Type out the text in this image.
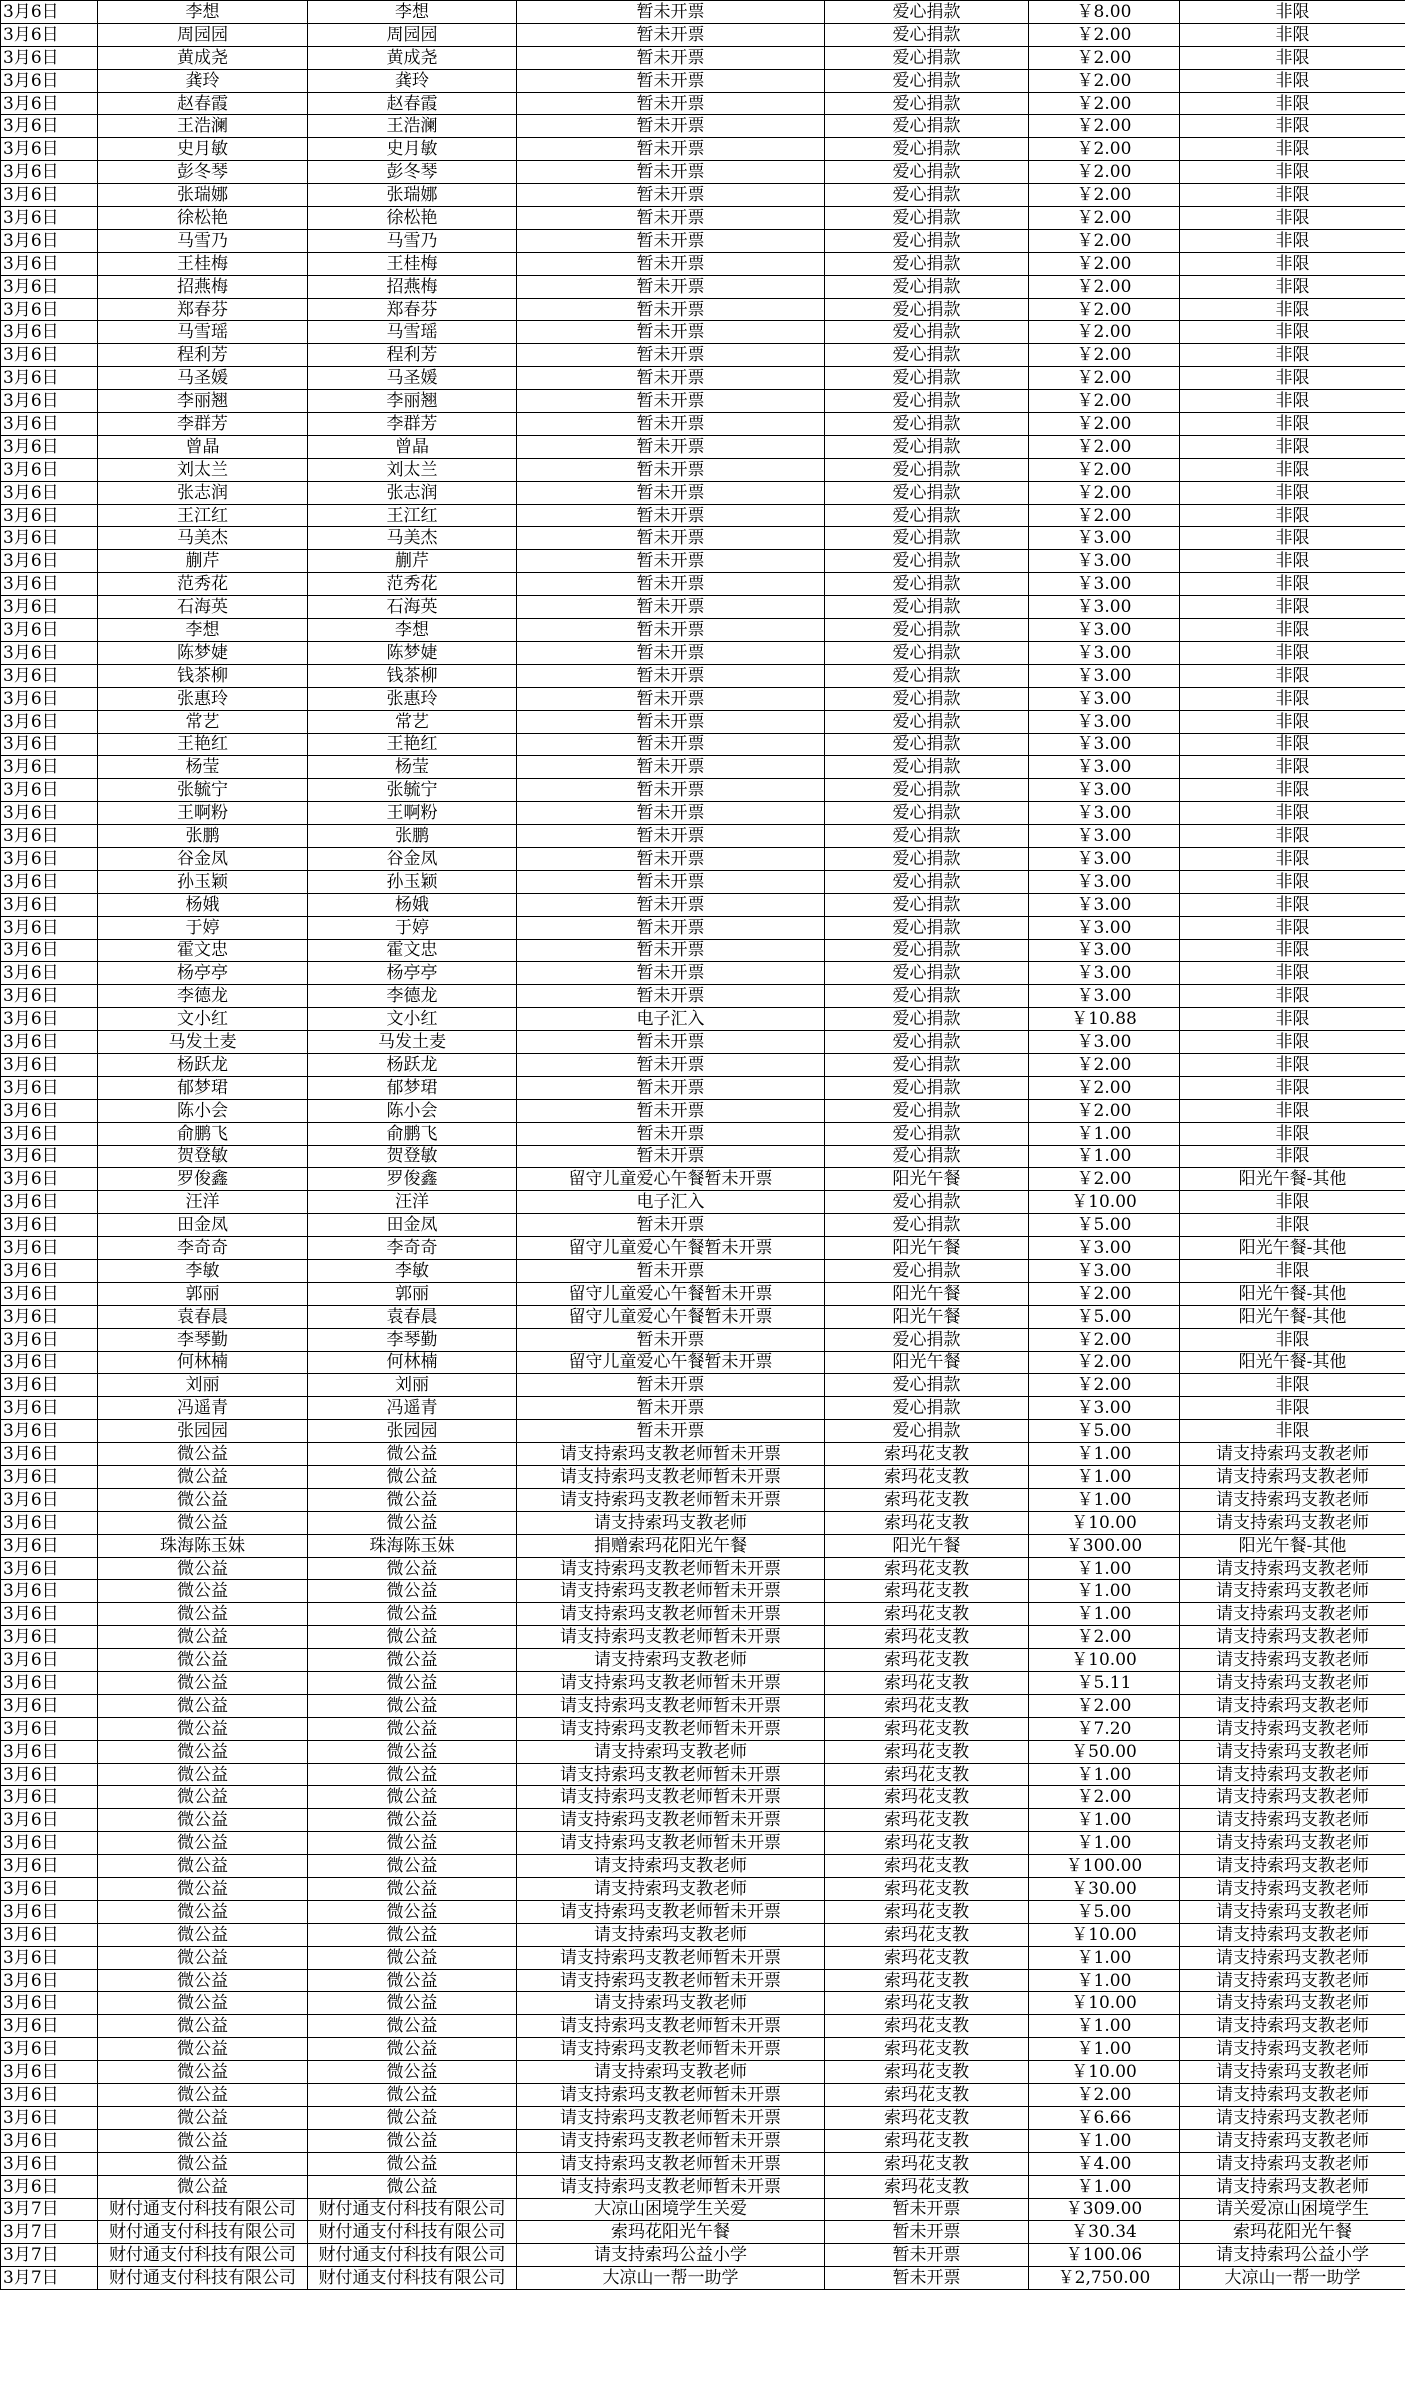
3月6日	李想	李想	暂未开票	爱心捐款	￥8.00	非限
3月6日	周园园	周园园	暂未开票	爱心捐款	￥2.00	非限
3月6日	黄成尧	黄成尧	暂未开票	爱心捐款	￥2.00	非限
3月6日	龚玲	龚玲	暂未开票	爱心捐款	￥2.00	非限
3月6日	赵春霞	赵春霞	暂未开票	爱心捐款	￥2.00	非限
3月6日	王浩澜	王浩澜	暂未开票	爱心捐款	￥2.00	非限
3月6日	史月敏	史月敏	暂未开票	爱心捐款	￥2.00	非限
3月6日	彭冬琴	彭冬琴	暂未开票	爱心捐款	￥2.00	非限
3月6日	张瑞娜	张瑞娜	暂未开票	爱心捐款	￥2.00	非限
3月6日	徐松艳	徐松艳	暂未开票	爱心捐款	￥2.00	非限
3月6日	马雪乃	马雪乃	暂未开票	爱心捐款	￥2.00	非限
3月6日	王桂梅	王桂梅	暂未开票	爱心捐款	￥2.00	非限
3月6日	招燕梅	招燕梅	暂未开票	爱心捐款	￥2.00	非限
3月6日	郑春芬	郑春芬	暂未开票	爱心捐款	￥2.00	非限
3月6日	马雪瑶	马雪瑶	暂未开票	爱心捐款	￥2.00	非限
3月6日	程利芳	程利芳	暂未开票	爱心捐款	￥2.00	非限
3月6日	马圣媛	马圣媛	暂未开票	爱心捐款	￥2.00	非限
3月6日	李丽翘	李丽翘	暂未开票	爱心捐款	￥2.00	非限
3月6日	李群芳	李群芳	暂未开票	爱心捐款	￥2.00	非限
3月6日	曾晶	曾晶	暂未开票	爱心捐款	￥2.00	非限
3月6日	刘太兰	刘太兰	暂未开票	爱心捐款	￥2.00	非限
3月6日	张志润	张志润	暂未开票	爱心捐款	￥2.00	非限
3月6日	王江红	王江红	暂未开票	爱心捐款	￥2.00	非限
3月6日	马美杰	马美杰	暂未开票	爱心捐款	￥3.00	非限
3月6日	蒯芹	蒯芹	暂未开票	爱心捐款	￥3.00	非限
3月6日	范秀花	范秀花	暂未开票	爱心捐款	￥3.00	非限
3月6日	石海英	石海英	暂未开票	爱心捐款	￥3.00	非限
3月6日	李想	李想	暂未开票	爱心捐款	￥3.00	非限
3月6日	陈梦婕	陈梦婕	暂未开票	爱心捐款	￥3.00	非限
3月6日	钱茶柳	钱茶柳	暂未开票	爱心捐款	￥3.00	非限
3月6日	张惠玲	张惠玲	暂未开票	爱心捐款	￥3.00	非限
3月6日	常艺	常艺	暂未开票	爱心捐款	￥3.00	非限
3月6日	王艳红	王艳红	暂未开票	爱心捐款	￥3.00	非限
3月6日	杨莹	杨莹	暂未开票	爱心捐款	￥3.00	非限
3月6日	张毓宁	张毓宁	暂未开票	爱心捐款	￥3.00	非限
3月6日	王啊粉	王啊粉	暂未开票	爱心捐款	￥3.00	非限
3月6日	张鹏	张鹏	暂未开票	爱心捐款	￥3.00	非限
3月6日	谷金凤	谷金凤	暂未开票	爱心捐款	￥3.00	非限
3月6日	孙玉颖	孙玉颖	暂未开票	爱心捐款	￥3.00	非限
3月6日	杨娥	杨娥	暂未开票	爱心捐款	￥3.00	非限
3月6日	于婷	于婷	暂未开票	爱心捐款	￥3.00	非限
3月6日	霍文忠	霍文忠	暂未开票	爱心捐款	￥3.00	非限
3月6日	杨亭亭	杨亭亭	暂未开票	爱心捐款	￥3.00	非限
3月6日	李德龙	李德龙	暂未开票	爱心捐款	￥3.00	非限
3月6日	文小红	文小红	电子汇入	爱心捐款	￥10.88	非限
3月6日	马发土麦	马发土麦	暂未开票	爱心捐款	￥3.00	非限
3月6日	杨跃龙	杨跃龙	暂未开票	爱心捐款	￥2.00	非限
3月6日	郁梦珺	郁梦珺	暂未开票	爱心捐款	￥2.00	非限
3月6日	陈小会	陈小会	暂未开票	爱心捐款	￥2.00	非限
3月6日	俞鹏飞	俞鹏飞	暂未开票	爱心捐款	￥1.00	非限
3月6日	贺登敏	贺登敏	暂未开票	爱心捐款	￥1.00	非限
3月6日	罗俊鑫	罗俊鑫	留守儿童爱心午餐暂未开票	阳光午餐	￥2.00	阳光午餐-其他
3月6日	汪洋	汪洋	电子汇入	爱心捐款	￥10.00	非限
3月6日	田金凤	田金凤	暂未开票	爱心捐款	￥5.00	非限
3月6日	李奇奇	李奇奇	留守儿童爱心午餐暂未开票	阳光午餐	￥3.00	阳光午餐-其他
3月6日	李敏	李敏	暂未开票	爱心捐款	￥3.00	非限
3月6日	郭丽	郭丽	留守儿童爱心午餐暂未开票	阳光午餐	￥2.00	阳光午餐-其他
3月6日	袁春晨	袁春晨	留守儿童爱心午餐暂未开票	阳光午餐	￥5.00	阳光午餐-其他
3月6日	李琴勤	李琴勤	暂未开票	爱心捐款	￥2.00	非限
3月6日	何林楠	何林楠	留守儿童爱心午餐暂未开票	阳光午餐	￥2.00	阳光午餐-其他
3月6日	刘丽	刘丽	暂未开票	爱心捐款	￥2.00	非限
3月6日	冯遥青	冯遥青	暂未开票	爱心捐款	￥3.00	非限
3月6日	张园园	张园园	暂未开票	爱心捐款	￥5.00	非限
3月6日	微公益	微公益	请支持索玛支教老师暂未开票	索玛花支教	￥1.00	请支持索玛支教老师
3月6日	微公益	微公益	请支持索玛支教老师暂未开票	索玛花支教	￥1.00	请支持索玛支教老师
3月6日	微公益	微公益	请支持索玛支教老师暂未开票	索玛花支教	￥1.00	请支持索玛支教老师
3月6日	微公益	微公益	请支持索玛支教老师	索玛花支教	￥10.00	请支持索玛支教老师
3月6日	珠海陈玉妹	珠海陈玉妹	捐赠索玛花阳光午餐	阳光午餐	￥300.00	阳光午餐-其他
3月6日	微公益	微公益	请支持索玛支教老师暂未开票	索玛花支教	￥1.00	请支持索玛支教老师
3月6日	微公益	微公益	请支持索玛支教老师暂未开票	索玛花支教	￥1.00	请支持索玛支教老师
3月6日	微公益	微公益	请支持索玛支教老师暂未开票	索玛花支教	￥1.00	请支持索玛支教老师
3月6日	微公益	微公益	请支持索玛支教老师暂未开票	索玛花支教	￥2.00	请支持索玛支教老师
3月6日	微公益	微公益	请支持索玛支教老师	索玛花支教	￥10.00	请支持索玛支教老师
3月6日	微公益	微公益	请支持索玛支教老师暂未开票	索玛花支教	￥5.11	请支持索玛支教老师
3月6日	微公益	微公益	请支持索玛支教老师暂未开票	索玛花支教	￥2.00	请支持索玛支教老师
3月6日	微公益	微公益	请支持索玛支教老师暂未开票	索玛花支教	￥7.20	请支持索玛支教老师
3月6日	微公益	微公益	请支持索玛支教老师	索玛花支教	￥50.00	请支持索玛支教老师
3月6日	微公益	微公益	请支持索玛支教老师暂未开票	索玛花支教	￥1.00	请支持索玛支教老师
3月6日	微公益	微公益	请支持索玛支教老师暂未开票	索玛花支教	￥2.00	请支持索玛支教老师
3月6日	微公益	微公益	请支持索玛支教老师暂未开票	索玛花支教	￥1.00	请支持索玛支教老师
3月6日	微公益	微公益	请支持索玛支教老师暂未开票	索玛花支教	￥1.00	请支持索玛支教老师
3月6日	微公益	微公益	请支持索玛支教老师	索玛花支教	￥100.00	请支持索玛支教老师
3月6日	微公益	微公益	请支持索玛支教老师	索玛花支教	￥30.00	请支持索玛支教老师
3月6日	微公益	微公益	请支持索玛支教老师暂未开票	索玛花支教	￥5.00	请支持索玛支教老师
3月6日	微公益	微公益	请支持索玛支教老师	索玛花支教	￥10.00	请支持索玛支教老师
3月6日	微公益	微公益	请支持索玛支教老师暂未开票	索玛花支教	￥1.00	请支持索玛支教老师
3月6日	微公益	微公益	请支持索玛支教老师暂未开票	索玛花支教	￥1.00	请支持索玛支教老师
3月6日	微公益	微公益	请支持索玛支教老师	索玛花支教	￥10.00	请支持索玛支教老师
3月6日	微公益	微公益	请支持索玛支教老师暂未开票	索玛花支教	￥1.00	请支持索玛支教老师
3月6日	微公益	微公益	请支持索玛支教老师暂未开票	索玛花支教	￥1.00	请支持索玛支教老师
3月6日	微公益	微公益	请支持索玛支教老师	索玛花支教	￥10.00	请支持索玛支教老师
3月6日	微公益	微公益	请支持索玛支教老师暂未开票	索玛花支教	￥2.00	请支持索玛支教老师
3月6日	微公益	微公益	请支持索玛支教老师暂未开票	索玛花支教	￥6.66	请支持索玛支教老师
3月6日	微公益	微公益	请支持索玛支教老师暂未开票	索玛花支教	￥1.00	请支持索玛支教老师
3月6日	微公益	微公益	请支持索玛支教老师暂未开票	索玛花支教	￥4.00	请支持索玛支教老师
3月6日	微公益	微公益	请支持索玛支教老师暂未开票	索玛花支教	￥1.00	请支持索玛支教老师
3月7日	财付通支付科技有限公司	财付通支付科技有限公司	大凉山困境学生关爱	暂未开票	￥309.00	请关爱凉山困境学生
3月7日	财付通支付科技有限公司	财付通支付科技有限公司	索玛花阳光午餐	暂未开票	￥30.34	索玛花阳光午餐
3月7日	财付通支付科技有限公司	财付通支付科技有限公司	请支持索玛公益小学	暂未开票	￥100.06	请支持索玛公益小学
3月7日	财付通支付科技有限公司	财付通支付科技有限公司	大凉山一帮一助学	暂未开票	￥2,750.00	大凉山一帮一助学
